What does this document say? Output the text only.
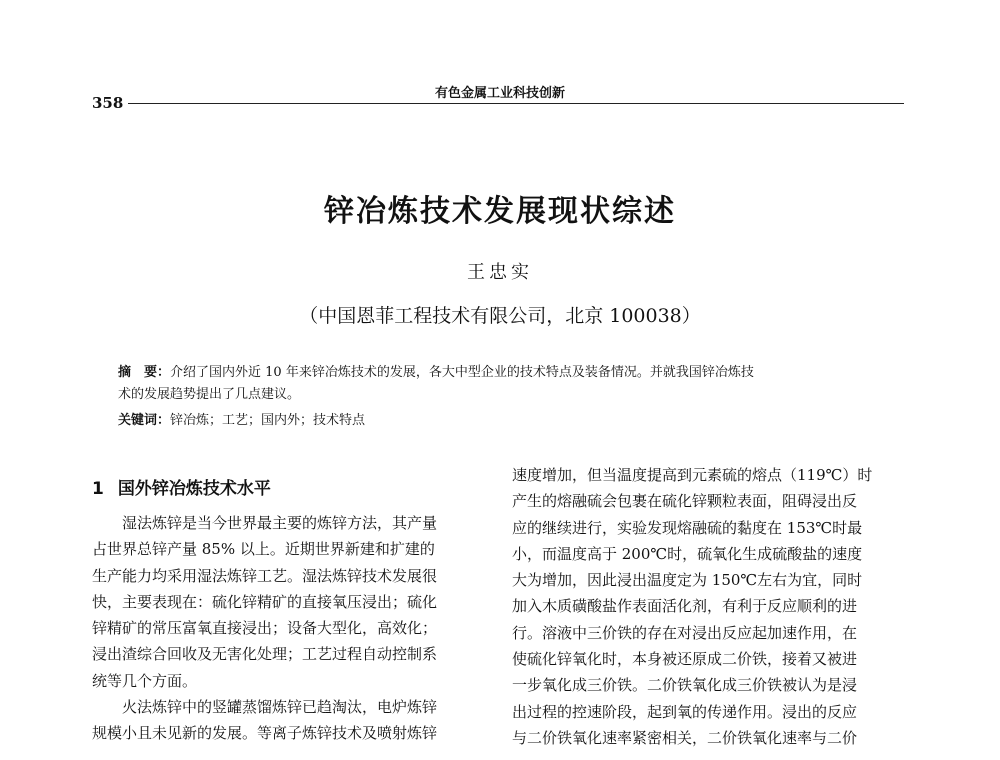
358
有色金属工业科技创新
锌冶炼技术发展现状综述
王忠实
（中国恩菲工程技术有限公司，北京 100038）
摘　要：介绍了国内外近 10 年来锌冶炼技术的发展，各大中型企业的技术特点及装备情况。并就我国锌冶炼技
术的发展趋势提出了几点建议。
关键词：锌冶炼；工艺；国内外；技术特点
1 国外锌冶炼技术水平
湿法炼锌是当今世界最主要的炼锌方法，其产量
占世界总锌产量 85% 以上。近期世界新建和扩建的
生产能力均采用湿法炼锌工艺。湿法炼锌技术发展很
快，主要表现在：硫化锌精矿的直接氧压浸出；硫化
锌精矿的常压富氧直接浸出；设备大型化，高效化；
浸出渣综合回收及无害化处理；工艺过程自动控制系
统等几个方面。
火法炼锌中的竖罐蒸馏炼锌已趋淘汰，电炉炼锌
规模小且未见新的发展。等离子炼锌技术及喷射炼锌
速度增加，但当温度提高到元素硫的熔点（119℃）时
产生的熔融硫会包裹在硫化锌颗粒表面，阻碍浸出反
应的继续进行，实验发现熔融硫的黏度在 153℃时最
小，而温度高于 200℃时，硫氧化生成硫酸盐的速度
大为增加，因此浸出温度定为 150℃左右为宜，同时
加入木质磺酸盐作表面活化剂，有利于反应顺利的进
行。溶液中三价铁的存在对浸出反应起加速作用，在
使硫化锌氧化时，本身被还原成二价铁，接着又被进
一步氧化成三价铁。二价铁氧化成三价铁被认为是浸
出过程的控速阶段，起到氧的传递作用。浸出的反应
与二价铁氧化速率紧密相关，二价铁氧化速率与二价
